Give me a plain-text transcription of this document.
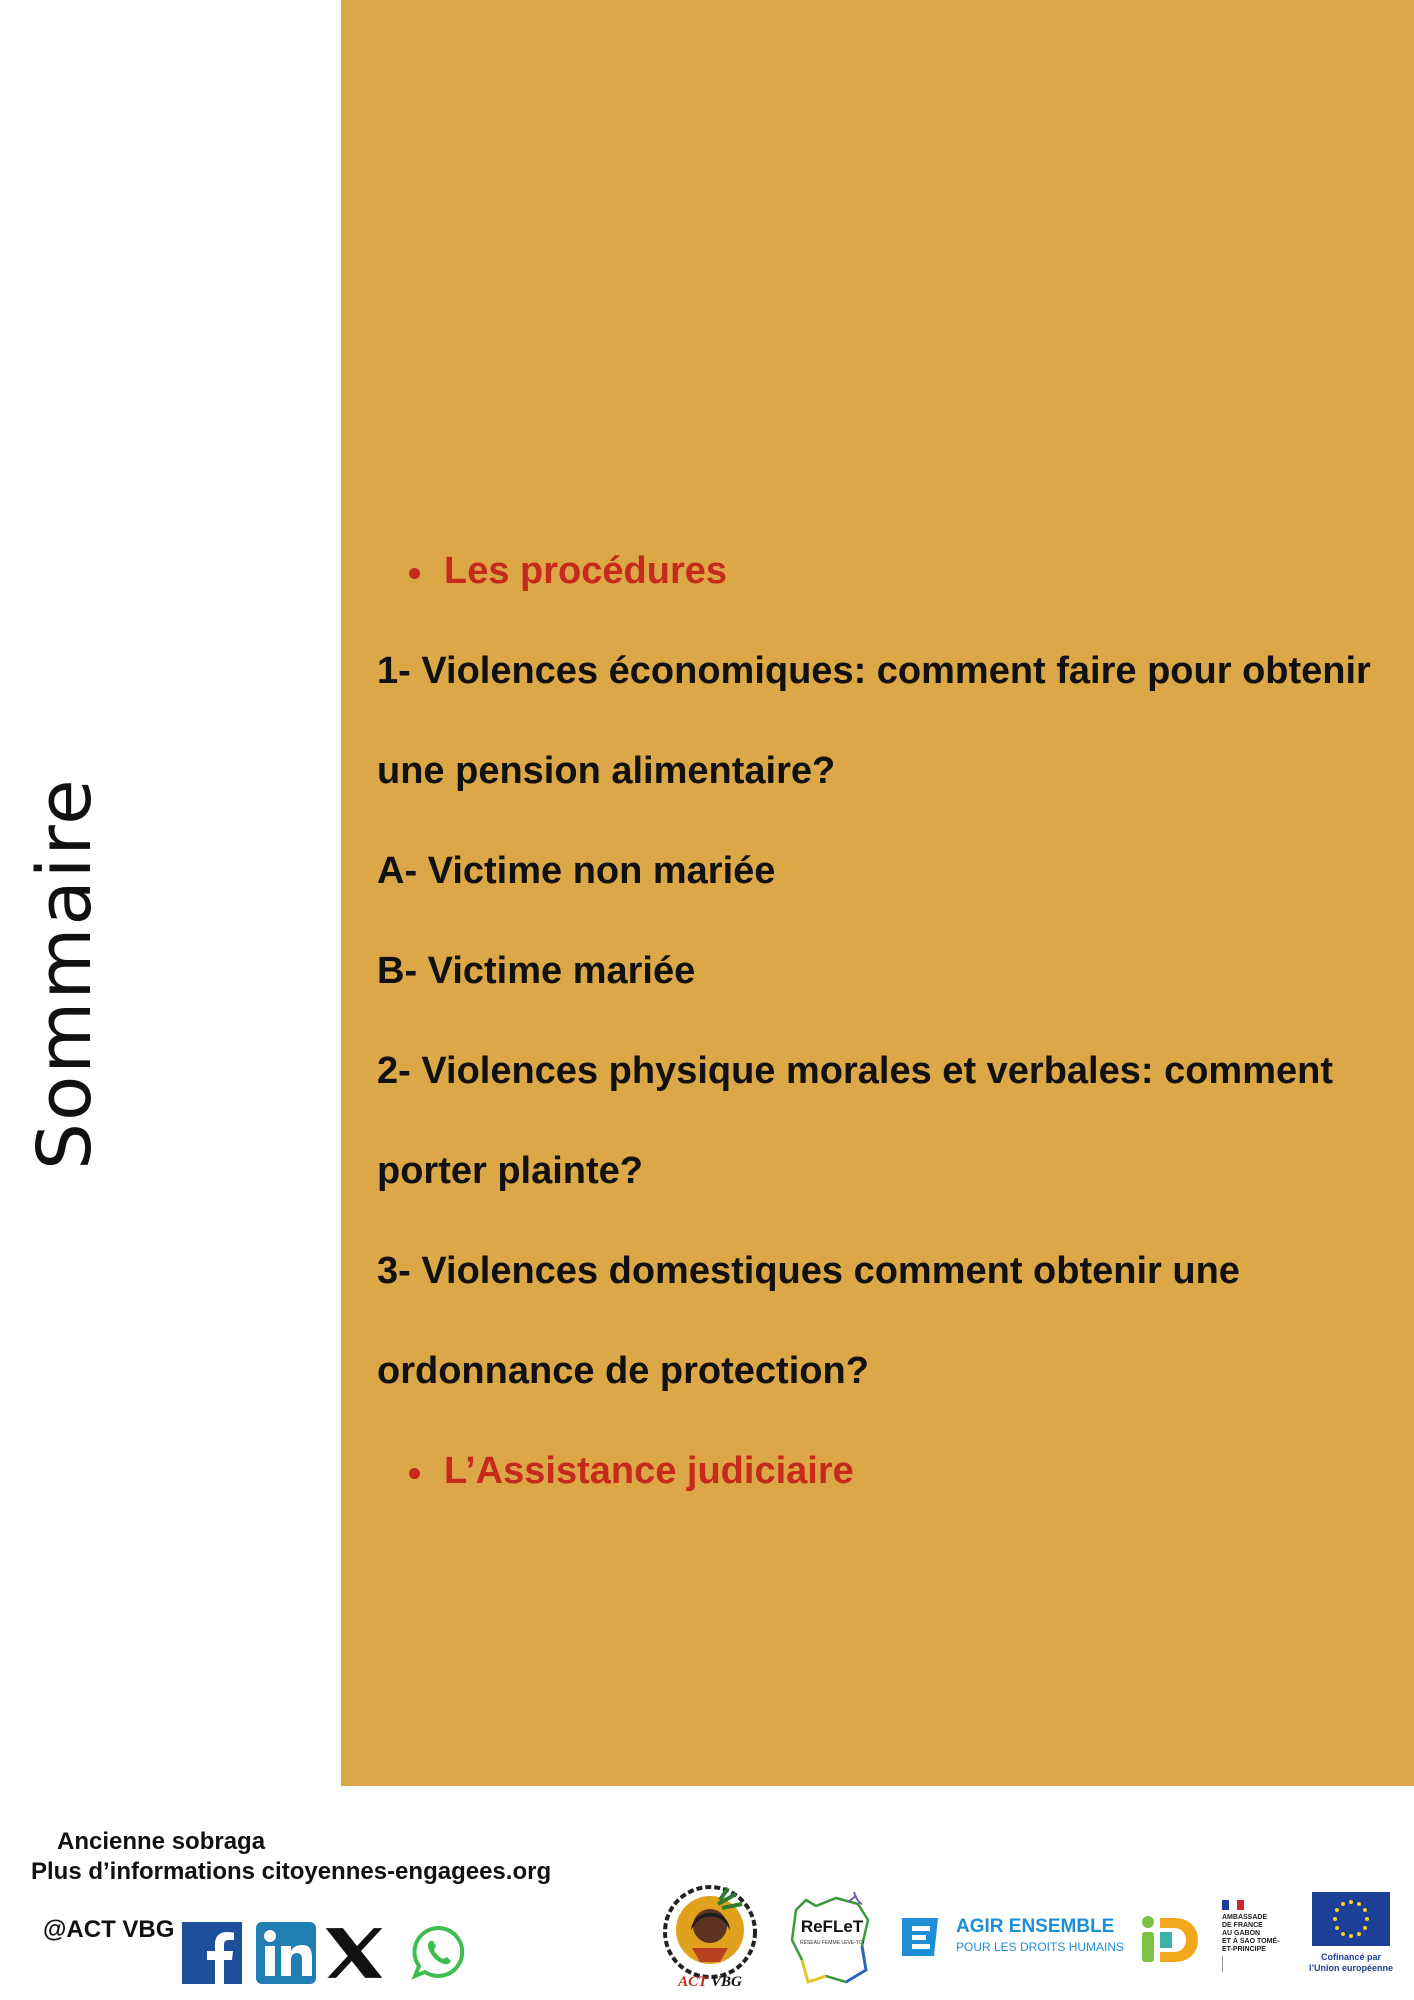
Sommaire
Les procédures
1- Violences économiques: comment faire pour obtenir
une pension alimentaire?
A- Victime non mariée
B- Victime mariée
2- Violences physique morales et verbales: comment
porter plainte?
3- Violences domestiques comment obtenir une
ordonnance de protection?
L’Assistance judiciaire
Ancienne sobraga
Plus d’informations citoyennes-engagees.org
@ACT VBG
ACT VBG
ReFLeT
RÉSEAU FEMME LEVE-TOI
AGIR ENSEMBLE
POUR LES DROITS HUMAINS
AMBASSADE
DE FRANCE
AU GABON
ET À SAO TOMÉ-
ET-PRINCIPE
Cofinancé par
l’Union européenne
